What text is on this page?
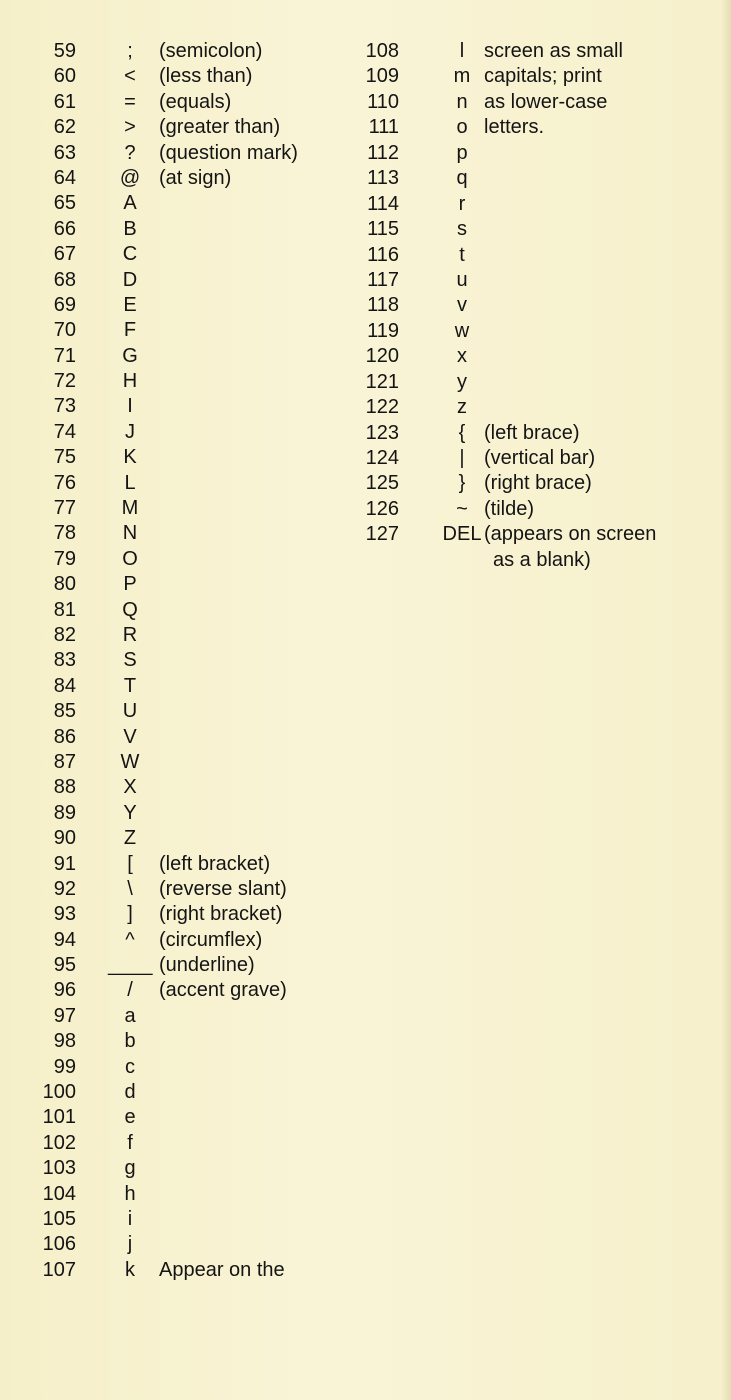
59	;	(semicolon)
60	<	(less than)
61	=	(equals)
62	>	(greater than)
63	?	(question mark)
64	@ (at sign)
65	A
66	B
67	C
68	D
69	E
70	F
71	G
72	H
73	I
74	J
75	K
76	L
77	M
78	N
79	O
80	P
81	Q
82	R
83	S
84	T
85	U
86	V
87	W
88	X
89	Y
90	Z
91	[	(left bracket)
92	\	(reverse slant)
93	]	(right bracket)
94	^	(circumflex)
95 ____ (underline)
96	/	(accent grave)
97	a
98	b
99	c
100	d
101	e
102	f
103	g
104	h
105	i
106	j
107	k	Appear on the
108	l screen as small
109	m capitals; print
110	n as lower-case
111	o letters.
112	p
113	q
114	r
115	s
116	t
117	u
118	v
119	w
120	x
121	y
122	z
123	{ (left brace)
124	| (vertical bar)
125	} (right brace)
126	~ (tilde)
127	DEL (appears on screen
as a blank)
